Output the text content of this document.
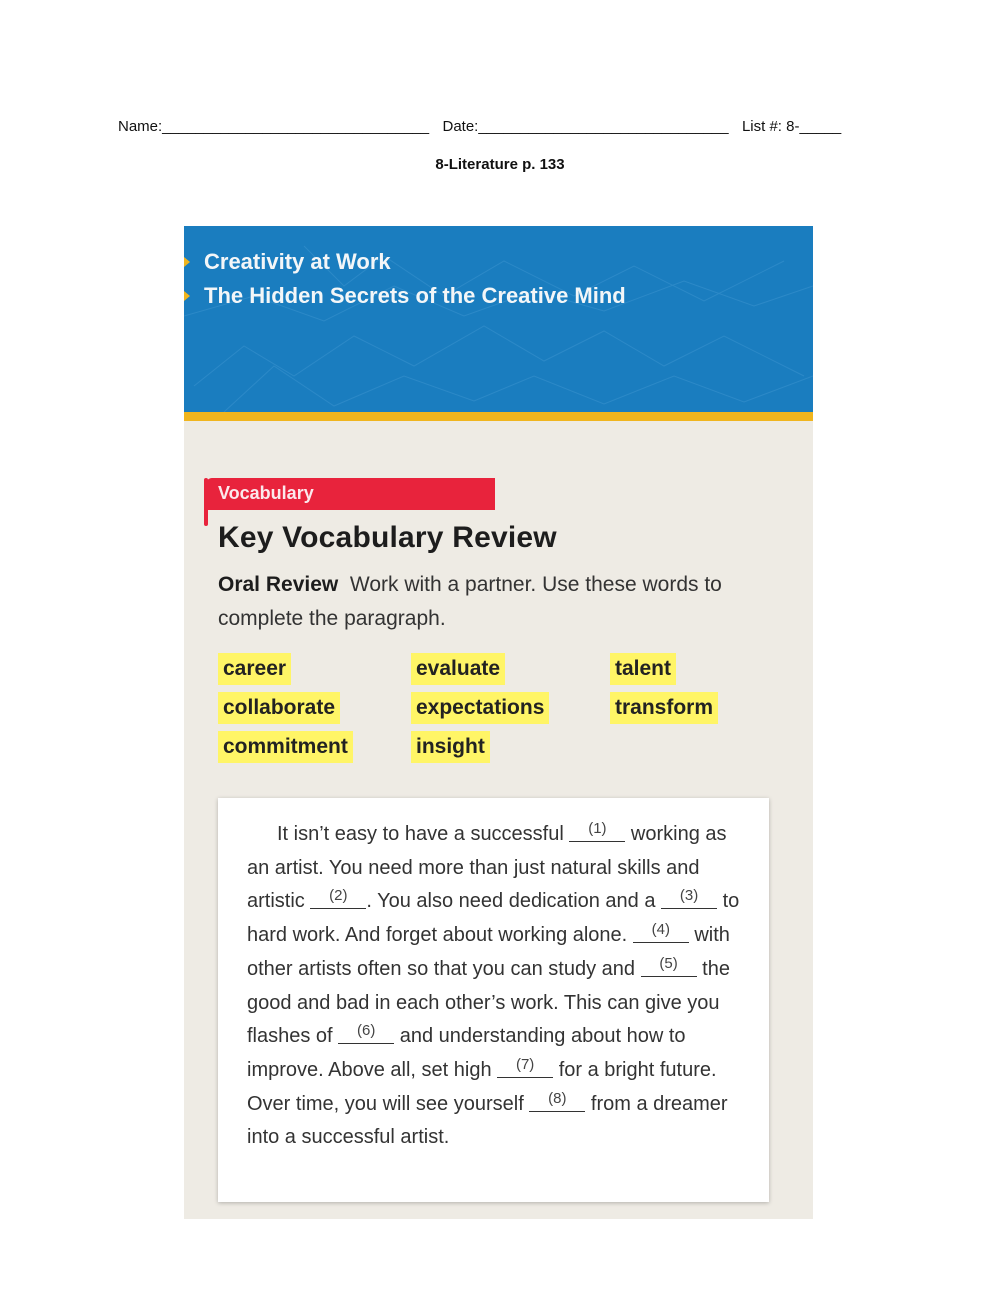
Name:________________________________ Date:______________________________ List #: 8-_____
8-Literature p. 133
Creativity at Work
The Hidden Secrets of the Creative Mind
Vocabulary
Key Vocabulary Review
Oral Review Work with a partner. Use these words to complete the paragraph.
career	evaluate	talent
collaborate	expectations	transform
commitment	insight
It isn’t easy to have a successful	(1) working as an artist. You need more than just natural skills and artistic	(2) . You also need dedication and a	(3) to hard work. And forget about working alone.	(4) with other artists often so that you can study and	(5) the good and bad in each other’s work. This can give you flashes of	(6) and understanding about how to improve. Above all, set high	(7) for a bright future. Over time, you will see yourself	(8) from a dreamer into a successful artist.
